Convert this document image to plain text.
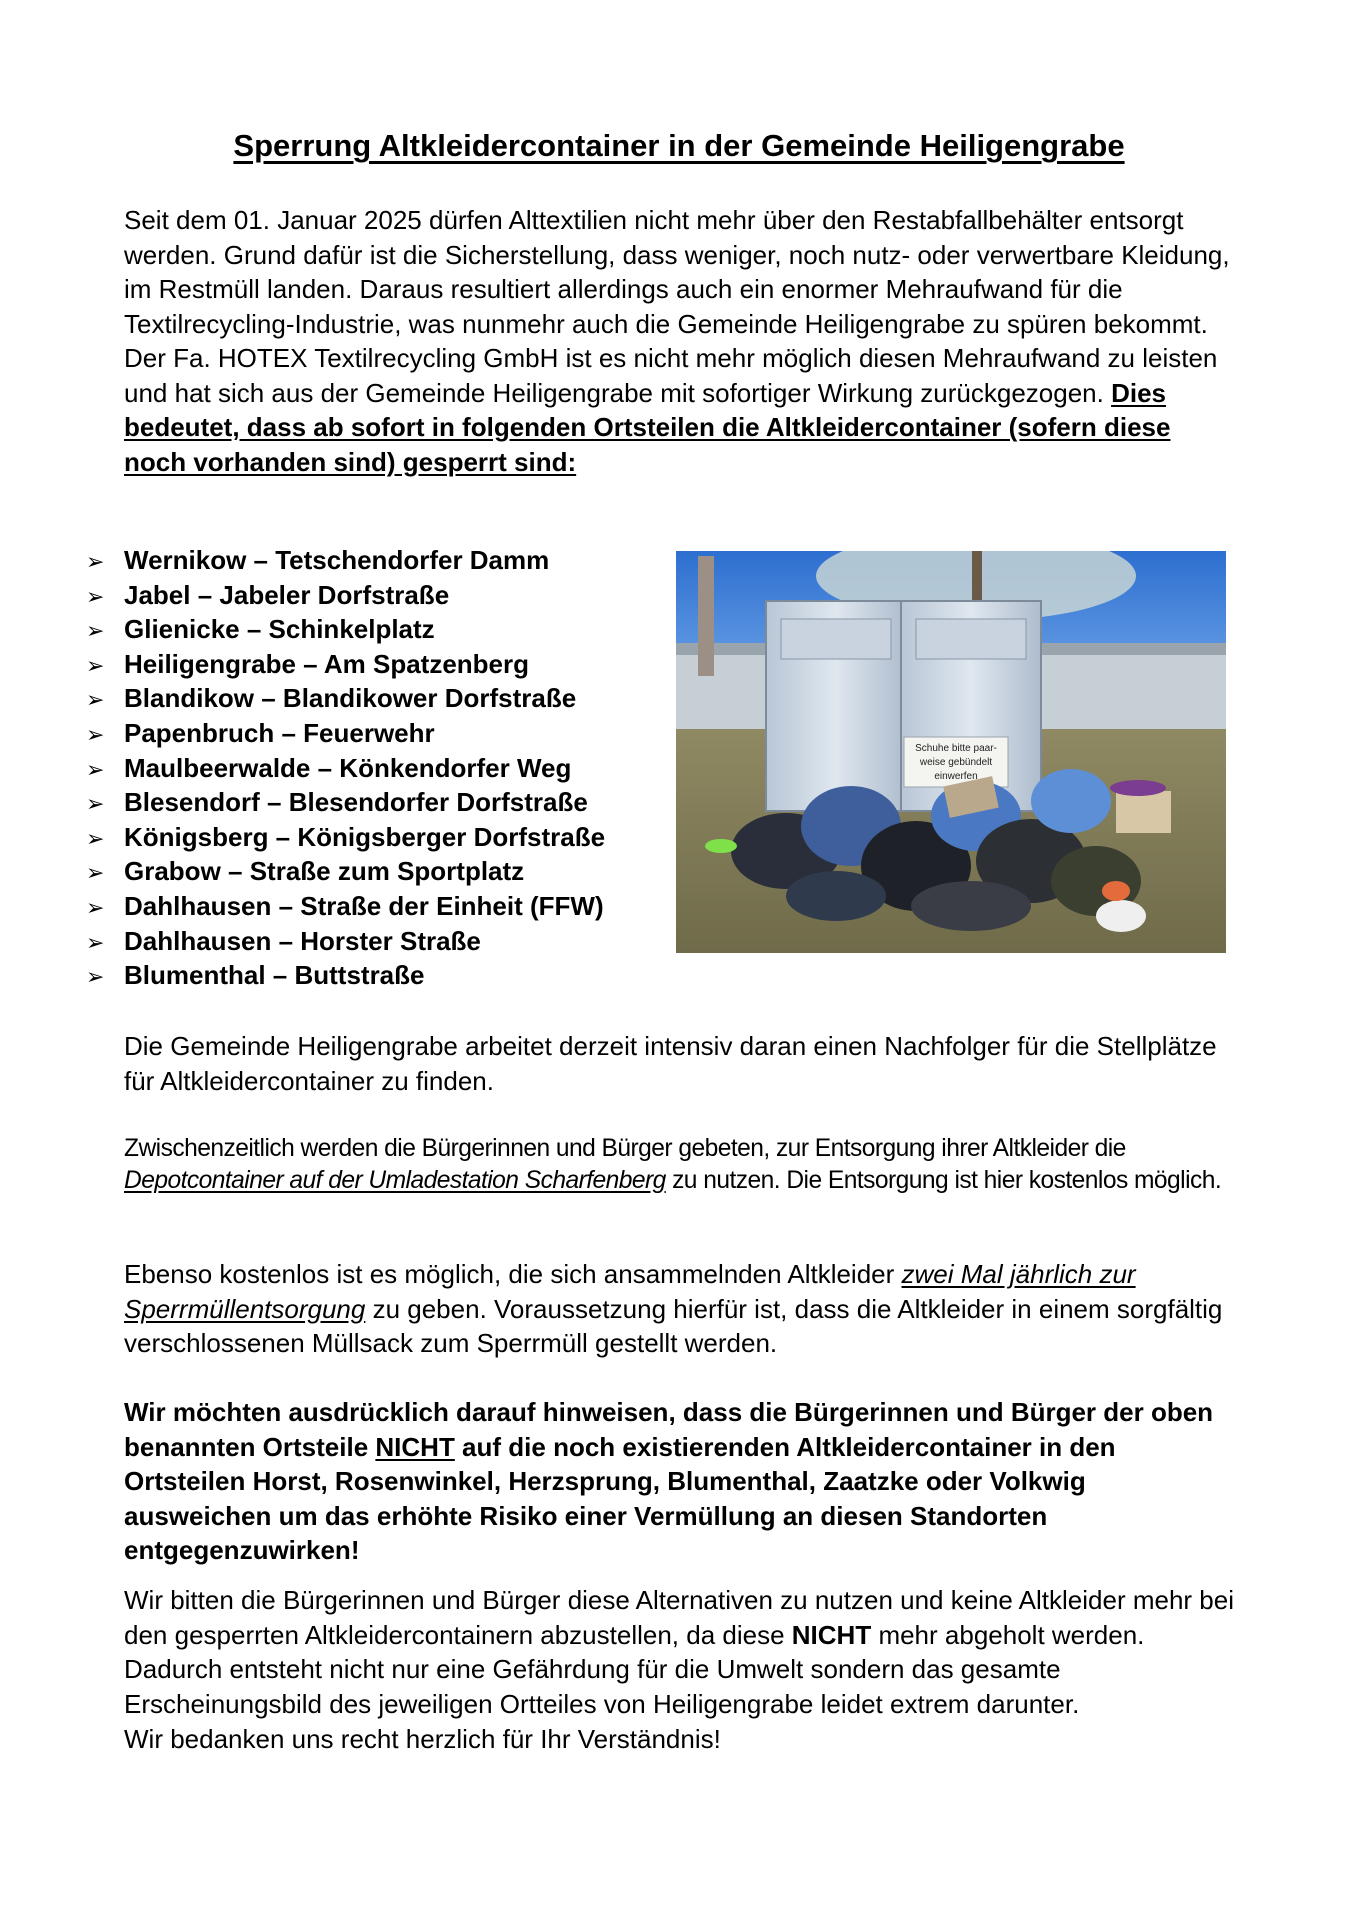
Sperrung Altkleidercontainer in der Gemeinde Heiligengrabe
Seit dem 01. Januar 2025 dürfen Alttextilien nicht mehr über den Restabfallbehälter entsorgt werden. Grund dafür ist die Sicherstellung, dass weniger, noch nutz- oder verwertbare Kleidung, im Restmüll landen. Daraus resultiert allerdings auch ein enormer Mehraufwand für die Textilrecycling-Industrie, was nunmehr auch die Gemeinde Heiligengrabe zu spüren bekommt.
Der Fa. HOTEX Textilrecycling GmbH ist es nicht mehr möglich diesen Mehraufwand zu leisten und hat sich aus der Gemeinde Heiligengrabe mit sofortiger Wirkung zurückgezogen. Dies bedeutet, dass ab sofort in folgenden Ortsteilen die Altkleidercontainer (sofern diese noch vorhanden sind) gesperrt sind:
➢ Wernikow – Tetschendorfer Damm
➢ Jabel – Jabeler Dorfstraße
➢ Glienicke – Schinkelplatz
➢ Heiligengrabe – Am Spatzenberg
➢ Blandikow – Blandikower Dorfstraße
➢ Papenbruch – Feuerwehr
➢ Maulbeerwalde – Könkendorfer Weg
➢ Blesendorf – Blesendorfer Dorfstraße
➢ Königsberg – Königsberger Dorfstraße
➢ Grabow – Straße zum Sportplatz
➢ Dahlhausen – Straße der Einheit (FFW)
➢ Dahlhausen – Horster Straße
➢ Blumenthal – Buttstraße
Schuhe bitte paar-
weise gebündelt
einwerfen
Die Gemeinde Heiligengrabe arbeitet derzeit intensiv daran einen Nachfolger für die Stellplätze für Altkleidercontainer zu finden.
Zwischenzeitlich werden die Bürgerinnen und Bürger gebeten, zur Entsorgung ihrer Altkleider die Depotcontainer auf der Umladestation Scharfenberg zu nutzen. Die Entsorgung ist hier kostenlos möglich.
Ebenso kostenlos ist es möglich, die sich ansammelnden Altkleider zwei Mal jährlich zur Sperrmüllentsorgung zu geben. Voraussetzung hierfür ist, dass die Altkleider in einem sorgfältig verschlossenen Müllsack zum Sperrmüll gestellt werden.
Wir möchten ausdrücklich darauf hinweisen, dass die Bürgerinnen und Bürger der oben benannten Ortsteile NICHT auf die noch existierenden Altkleidercontainer in den Ortsteilen Horst, Rosenwinkel, Herzsprung, Blumenthal, Zaatzke oder Volkwig ausweichen um das erhöhte Risiko einer Vermüllung an diesen Standorten entgegenzuwirken!
Wir bitten die Bürgerinnen und Bürger diese Alternativen zu nutzen und keine Altkleider mehr bei den gesperrten Altkleidercontainern abzustellen, da diese NICHT mehr abgeholt werden. Dadurch entsteht nicht nur eine Gefährdung für die Umwelt sondern das gesamte Erscheinungsbild des jeweiligen Ortteiles von Heiligengrabe leidet extrem darunter.
Wir bedanken uns recht herzlich für Ihr Verständnis!
